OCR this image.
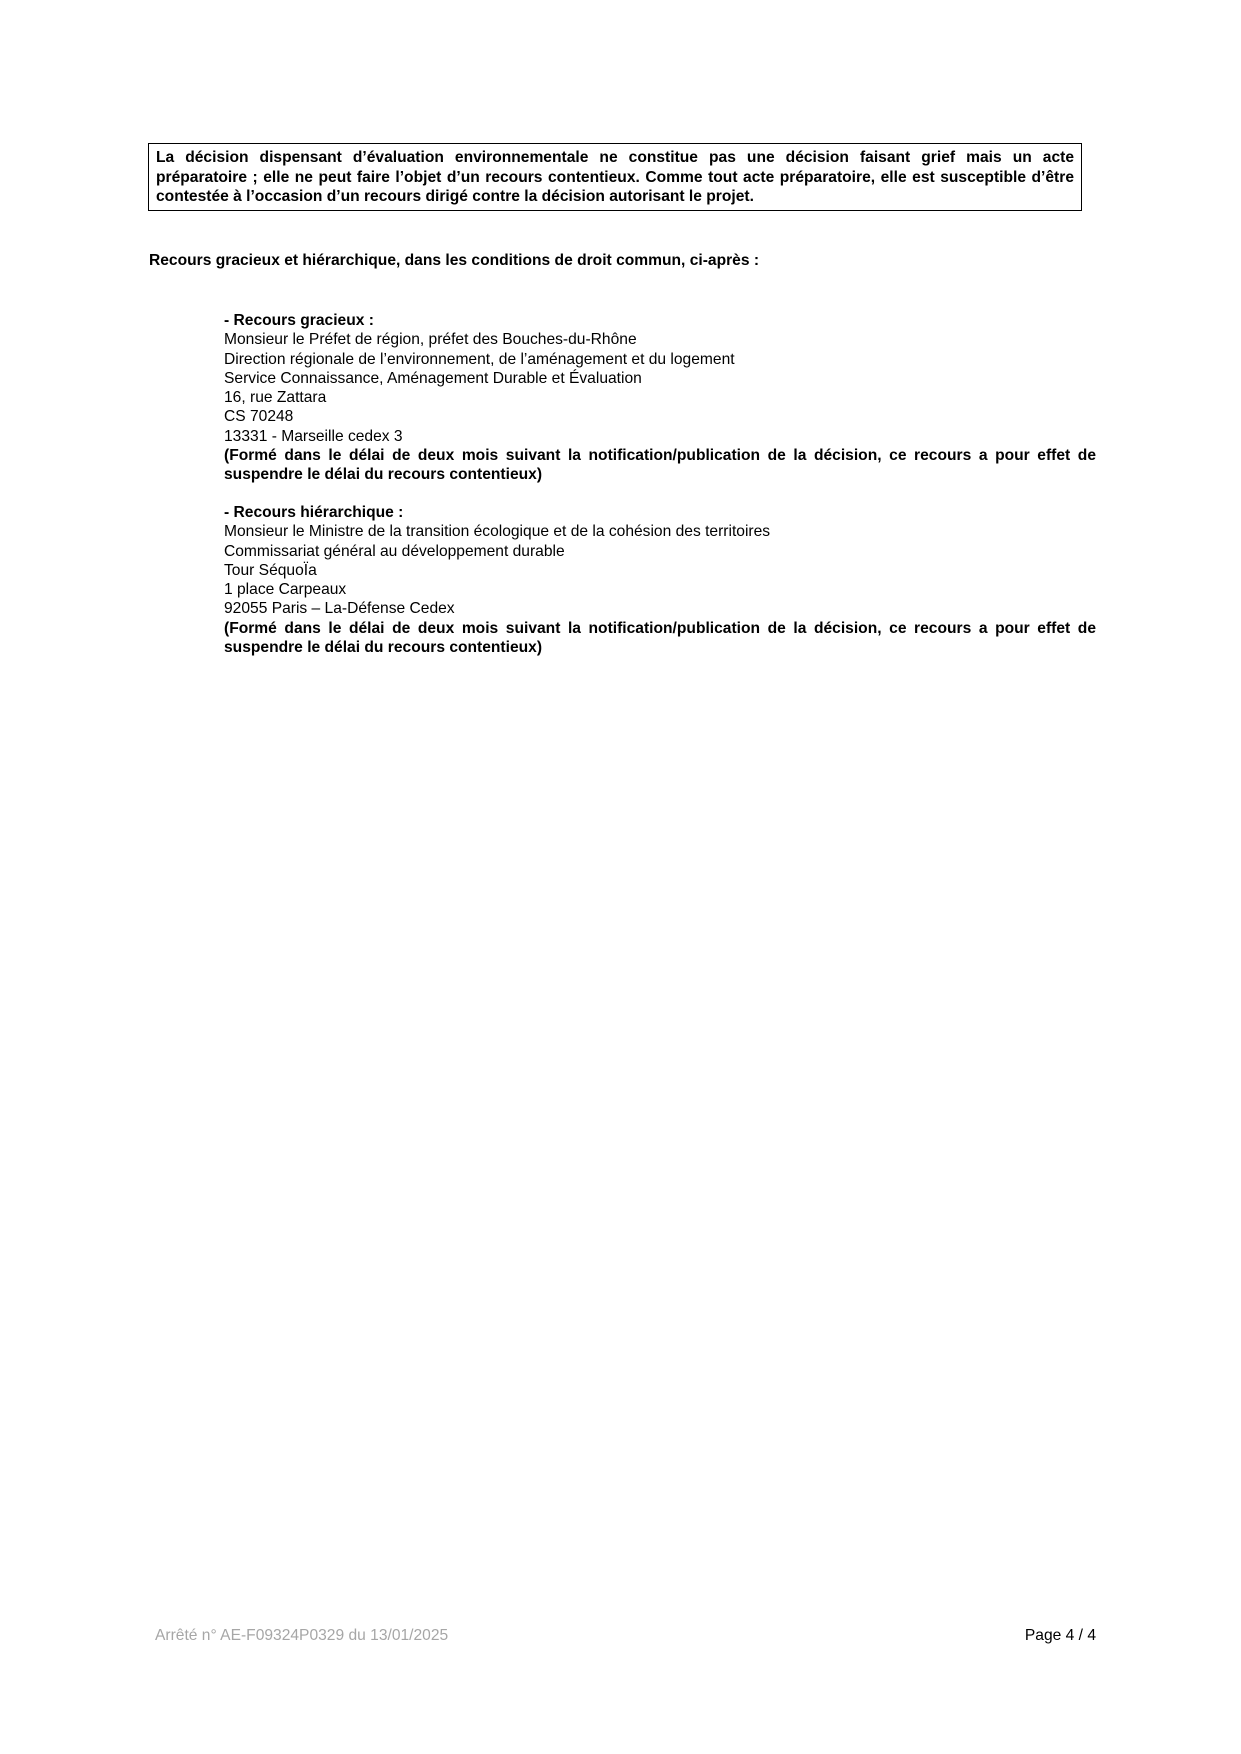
La décision dispensant d’évaluation environnementale ne constitue pas une décision faisant grief mais un acte préparatoire ; elle ne peut faire l’objet d’un recours contentieux. Comme tout acte préparatoire, elle est susceptible d’être contestée à l’occasion d’un recours dirigé contre la décision autorisant le projet.
Recours gracieux et hiérarchique, dans les conditions de droit commun, ci-après :
- Recours gracieux :
Monsieur le Préfet de région, préfet des Bouches-du-Rhône
Direction régionale de l’environnement, de l’aménagement et du logement
Service Connaissance, Aménagement Durable et Évaluation
16, rue Zattara
CS 70248
13331 - Marseille cedex 3
(Formé dans le délai de deux mois suivant la notification/publication de la décision, ce recours a pour effet de suspendre le délai du recours contentieux)
- Recours hiérarchique :
Monsieur le Ministre de la transition écologique et de la cohésion des territoires
Commissariat général au développement durable
Tour SéquoÏa
1 place Carpeaux
92055 Paris – La-Défense Cedex
(Formé dans le délai de deux mois suivant la notification/publication de la décision, ce recours a pour effet de suspendre le délai du recours contentieux)
Arrêté n° AE-F09324P0329 du 13/01/2025	Page 4 / 4
